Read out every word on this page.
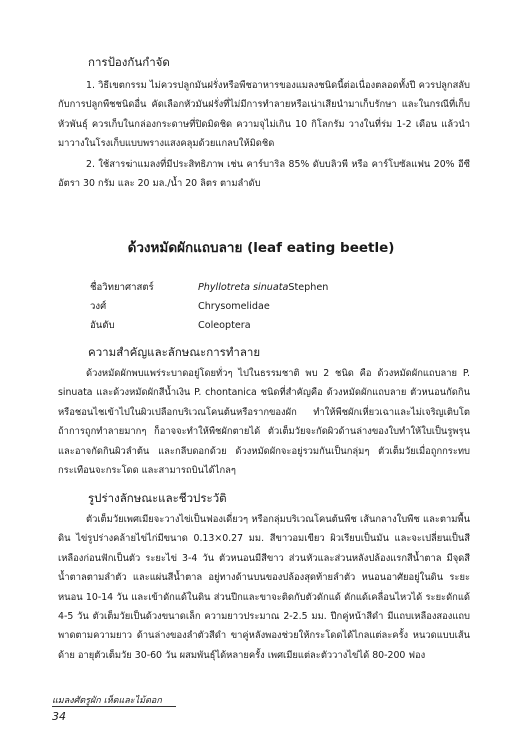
การป้องกันกำจัด

1. วิธีเขตกรรม ไม่ควรปลูกมันฝรั่งหรือพืชอาหารของแมลงชนิดนี้ต่อเนื่องตลอดทั้งปี ควรปลูกสลับกับการปลูกพืชชนิดอื่น คัดเลือกหัวมันฝรั่งที่ไม่มีการทำลายหรือเน่าเสียนำมาเก็บรักษา และในกรณีที่เก็บหัวพันธุ์ ควรเก็บในกล่องกระดาษที่ปิดมิดชิด ความจุไม่เกิน 10 กิโลกรัม วางในที่ร่ม 1-2 เดือน แล้วนำมาวางในโรงเก็บแบบพรางแสงคลุมด้วยแกลบให้มิดชิด

2. ใช้สารฆ่าแมลงที่มีประสิทธิภาพ เช่น คาร์บาริล 85% ดับบลิวพี หรือ คาร์โบซัลแฟน 20% อีซี อัตรา 30 กรัม และ 20 มล./น้ำ 20 ลิตร ตามลำดับ

ด้วงหมัดผักแถบลาย (leaf eating beetle)
ชื่อวิทยาศาสตร์	Phyllotreta sinuataStephen
วงศ์	Chrysomelidae
อันดับ	Coleoptera
ความสำคัญและลักษณะการทำลาย

ด้วงหมัดผักพบแพร่ระบาดอยู่โดยทั่วๆ ไปในธรรมชาติ พบ 2 ชนิด คือ ด้วงหมัดผักแถบลาย P. sinuata และด้วงหมัดผักสีน้ำเงิน P. chontanica ชนิดที่สำคัญคือ ด้วงหมัดผักแถบลาย ตัวหนอนกัดกินหรือชอนไชเข้าไปในผิวเปลือกบริเวณโคนต้นหรือรากของผัก ทำให้พืชผักเหี่ยวเฉาและไม่เจริญเติบโต ถ้าการถูกทำลายมากๆ ก็อาจจะทำให้พืชผักตายได้ ตัวเต็มวัยจะกัดผิวด้านล่างของใบทำให้ใบเป็นรูพรุน และอาจกัดกินผิวลำต้น และกลีบดอกด้วย ด้วงหมัดผักจะอยู่รวมกันเป็นกลุ่มๆ ตัวเต็มวัยเมื่อถูกกระทบกระเทือนจะกระโดด และสามารถบินได้ไกลๆ

รูปร่างลักษณะและชีวประวัติ

ตัวเต็มวัยเพศเมียจะวางไข่เป็นฟองเดี่ยวๆ หรือกลุ่มบริเวณโคนต้นพืช เส้นกลางใบพืช และตามพื้นดิน ไข่รูปร่างคล้ายไข่ไก่มีขนาด 0.13×0.27 มม. สีขาวอมเขียว ผิวเรียบเป็นมัน และจะเปลี่ยนเป็นสีเหลืองก่อนฟักเป็นตัว ระยะไข่ 3-4 วัน ตัวหนอนมีสีขาว ส่วนหัวและส่วนหลังปล้องแรกสีน้ำตาล มีจุดสีน้ำตาลตามลำตัว และแผ่นสีน้ำตาล อยู่ทางด้านบนของปล้องสุดท้ายลำตัว หนอนอาศัยอยู่ในดิน ระยะหนอน 10-14 วัน และเข้าดักแด้ในดิน ส่วนปีกและขาจะติดกับตัวดักแด้ ดักแด้เคลื่อนไหวได้ ระยะดักแด้ 4-5 วัน ตัวเต็มวัยเป็นด้วงขนาดเล็ก ความยาวประมาณ 2-2.5 มม. ปีกคู่หน้าสีดำ มีแถบเหลืองสองแถบพาดตามความยาว ด้านล่างของลำตัวสีดำ ขาคู่หลังพองช่วยให้กระโดดได้ไกลแต่ละครั้ง หนวดแบบเส้นด้าย อายุตัวเต็มวัย 30-60 วัน ผสมพันธุ์ได้หลายครั้ง เพศเมียแต่ละตัววางไข่ได้ 80-200 ฟอง

แมลงศัตรูผัก เห็ดและไม้ดอก
34
